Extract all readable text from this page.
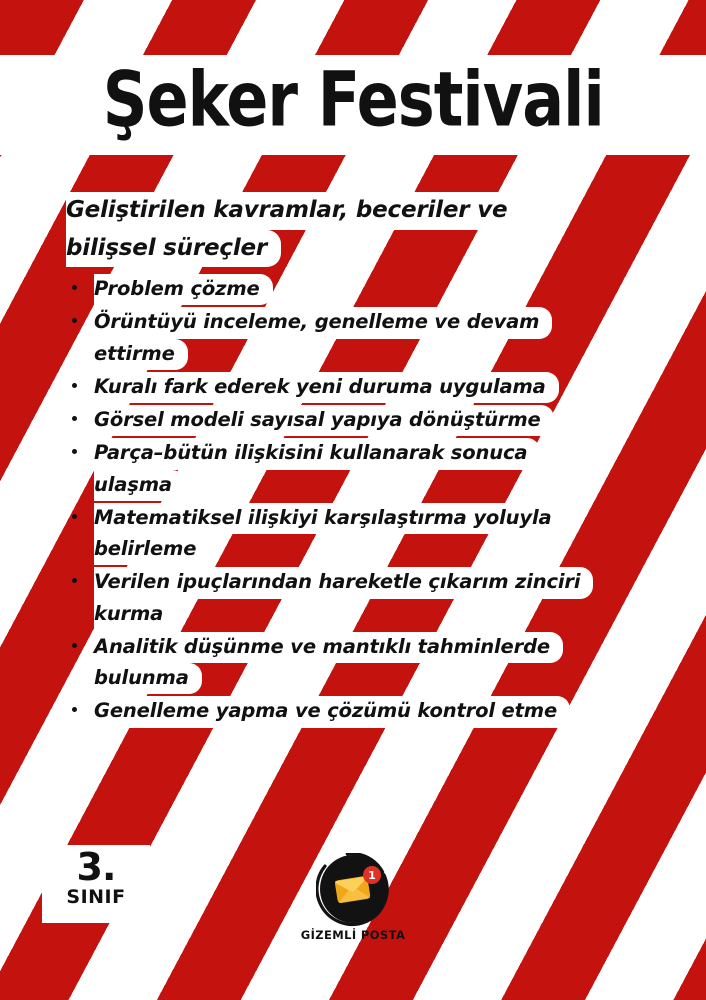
Şeker Festivali
Geliştirilen kavramlar, beceriler ve
bilişsel süreçler
Problem çözme
Örüntüyü inceleme, genelleme ve devam
ettirme
Kuralı fark ederek yeni duruma uygulama
Görsel modeli sayısal yapıya dönüştürme
Parça–bütün ilişkisini kullanarak sonuca
ulaşma
Matematiksel ilişkiyi karşılaştırma yoluyla
belirleme
Verilen ipuçlarından hareketle çıkarım zinciri
kurma
Analitik düşünme ve mantıklı tahminlerde
bulunma
Genelleme yapma ve çözümü kontrol etme
3.
SINIF
1
GİZEMLİ POSTA
